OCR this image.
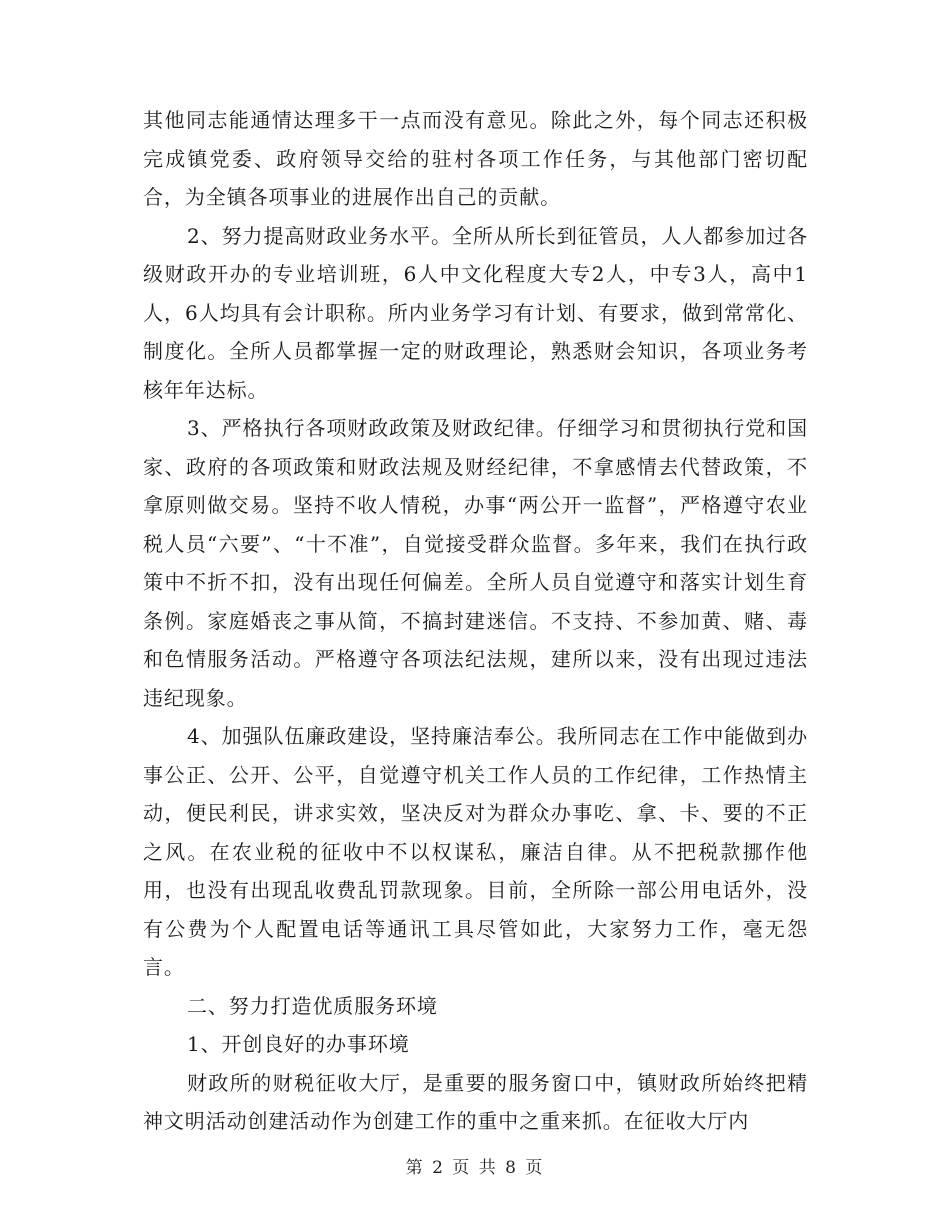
其他同志能通情达理多干一点而没有意见。除此之外，每个同志还积极完成镇党委、政府领导交给的驻村各项工作任务，与其他部门密切配合，为全镇各项事业的进展作出自己的贡献。

2、努力提高财政业务水平。全所从所长到征管员，人人都参加过各级财政开办的专业培训班，6人中文化程度大专2人，中专3人，高中1人，6人均具有会计职称。所内业务学习有计划、有要求，做到常常化、制度化。全所人员都掌握一定的财政理论，熟悉财会知识，各项业务考核年年达标。

3、严格执行各项财政政策及财政纪律。仔细学习和贯彻执行党和国家、政府的各项政策和财政法规及财经纪律，不拿感情去代替政策，不拿原则做交易。坚持不收人情税，办事“两公开一监督”，严格遵守农业税人员“六要”、“十不准”，自觉接受群众监督。多年来，我们在执行政策中不折不扣，没有出现任何偏差。全所人员自觉遵守和落实计划生育条例。家庭婚丧之事从简，不搞封建迷信。不支持、不参加黄、赌、毒和色情服务活动。严格遵守各项法纪法规，建所以来，没有出现过违法违纪现象。

4、加强队伍廉政建设，坚持廉洁奉公。我所同志在工作中能做到办事公正、公开、公平，自觉遵守机关工作人员的工作纪律，工作热情主动，便民利民，讲求实效，坚决反对为群众办事吃、拿、卡、要的不正之风。在农业税的征收中不以权谋私，廉洁自律。从不把税款挪作他用，也没有出现乱收费乱罚款现象。目前，全所除一部公用电话外，没有公费为个人配置电话等通讯工具尽管如此，大家努力工作，毫无怨言。

二、努力打造优质服务环境

1、开创良好的办事环境

财政所的财税征收大厅，是重要的服务窗口中，镇财政所始终把精神文明活动创建活动作为创建工作的重中之重来抓。在征收大厅内

第 2 页 共 8 页
